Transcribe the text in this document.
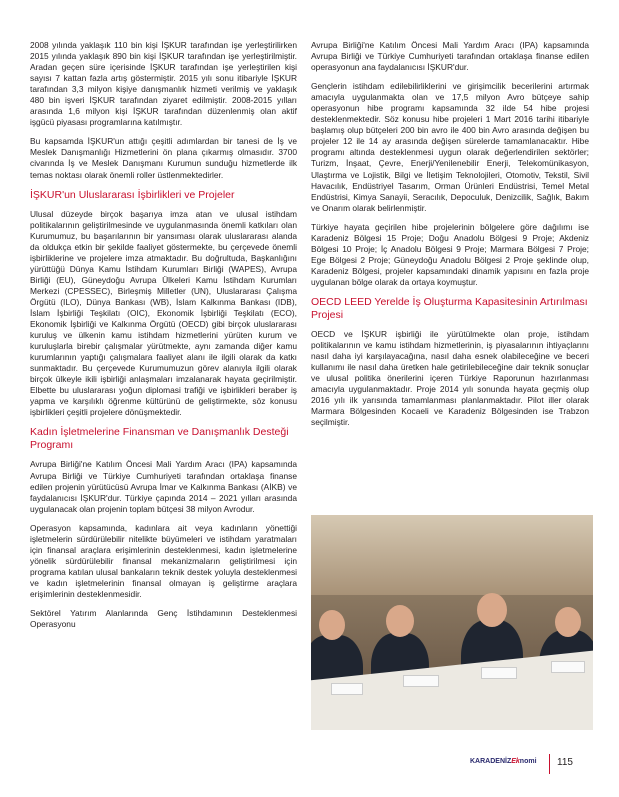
2008 yılında yaklaşık 110 bin kişi İŞKUR tarafından işe yerleştirilirken 2015 yılında yaklaşık 890 bin kişi İŞKUR tarafından işe yerleştirilmiştir. Aradan geçen süre içerisinde İŞKUR tarafından işe yerleştirilen kişi sayısı 7 kattan fazla artış göstermiştir. 2015 yılı sonu itibariyle İŞKUR tarafından 3,3 milyon kişiye danışmanlık hizmeti verilmiş ve yaklaşık 480 bin işveri İŞKUR tarafından ziyaret edilmiştir. 2008-2015 yılları arasında 1,6 milyon kişi İŞKUR tarafından düzenlenmiş olan aktif işgücü piyasası programlarına katılmıştır.

Bu kapsamda İŞKUR'un attığı çeşitli adımlardan bir tanesi de İş ve Meslek Danışmanlığı Hizmetlerini ön plana çıkarmış olmasıdır. 3700 civarında İş ve Meslek Danışmanı Kurumun sunduğu hizmetlerde ilk temas noktası olarak önemli roller üstlenmektedirler.

İŞKUR'un Uluslararası İşbirlikleri ve Projeler

Ulusal düzeyde birçok başarıya imza atan ve ulusal istihdam politikalarının geliştirilmesinde ve uygulanmasında önemli katkıları olan Kurumumuz, bu başarılarının bir yansıması olarak uluslararası alanda da oldukça etkin bir şekilde faaliyet göstermekte, bu çerçevede önemli işbirliklerine ve projelere imza atmaktadır. Bu doğrultuda, Başkanlığını yürüttüğü Dünya Kamu İstihdam Kurumları Birliği (WAPES), Avrupa Birliği (EU), Güneydoğu Avrupa Ülkeleri Kamu İstihdam Kurumları Merkezi (CPESSEC), Birleşmiş Milletler (UN), Uluslararası Çalışma Örgütü (ILO), Dünya Bankası (WB), İslam Kalkınma Bankası (IDB), İslam İşbirliği Teşkilatı (OIC), Ekonomik İşbirliği Teşkilatı (ECO), Ekonomik İşbirliği ve Kalkınma Örgütü (OECD) gibi birçok uluslararası kuruluş ve ülkenin kamu istihdam hizmetlerini yürüten kurum ve kuruluşlarla birebir çalışmalar yürütmekte, aynı zamanda diğer kamu kurumlarının yaptığı çalışmalara faaliyet alanı ile ilgili olarak da katkı sunmaktadır. Bu çerçevede Kurumumuzun görev alanıyla ilgili olarak birçok ülkeyle ikili işbirliği anlaşmaları imzalanarak hayata geçirilmiştir. Elbette bu uluslararası yoğun diplomasi trafiği ve işbirlikleri beraber iş yapma ve karşılıklı öğrenme kültürünü de geliştirmekte, söz konusu işbirlikleri çeşitli projelere dönüşmektedir.

Kadın İşletmelerine Finansman ve Danışmanlık Desteği Programı

Avrupa Birliği'ne Katılım Öncesi Mali Yardım Aracı (IPA) kapsamında Avrupa Birliği ve Türkiye Cumhuriyeti tarafından ortaklaşa finanse edilen projenin yürütücüsü Avrupa İmar ve Kalkınma Bankası (AİKB) ve faydalanıcısı İŞKUR'dur. Türkiye çapında 2014 – 2021 yılları arasında uygulanacak olan projenin toplam bütçesi 38 milyon Avrodur.

Operasyon kapsamında, kadınlara ait veya kadınların yönettiği işletmelerin sürdürülebilir nitelikte büyümeleri ve istihdam yaratmaları için finansal araçlara erişimlerinin desteklenmesi, kadın işletmelerine yönelik sürdürülebilir finansal mekanizmaların geliştirilmesi için programa katılan ulusal bankaların teknik destek yoluyla desteklenmesi ve kadın işletmelerinin finansal olmayan iş geliştirme araçlara erişimlerinin desteklenmesidir.

Sektörel Yatırım Alanlarında Genç İstihdamının Desteklenmesi Operasyonu

Avrupa Birliği'ne Katılım Öncesi Mali Yardım Aracı (IPA) kapsamında Avrupa Birliği ve Türkiye Cumhuriyeti tarafından ortaklaşa finanse edilen operasyonun ana faydalanıcısı İŞKUR'dur.

Gençlerin istihdam edilebilirliklerini ve girişimcilik becerilerini artırmak amacıyla uygulanmakta olan ve 17,5 milyon Avro bütçeye sahip operasyonun hibe programı kapsamında 32 ilde 54 hibe projesi desteklenmektedir. Söz konusu hibe projeleri 1 Mart 2016 tarihi itibariyle başlamış olup bütçeleri 200 bin avro ile 400 bin Avro arasında değişen bu projeler 12 ile 14 ay arasında değişen sürelerde tamamlanacaktır. Hibe programı altında desteklenmesi uygun olarak değerlendirilen sektörler; Turizm, İnşaat, Çevre, Enerji/Yenilenebilir Enerji, Telekomünikasyon, Ulaştırma ve Lojistik, Bilgi ve İletişim Teknolojileri, Otomotiv, Tekstil, Sivil Havacılık, Endüstriyel Tasarım, Orman Ürünleri Endüstrisi, Temel Metal Endüstrisi, Kimya Sanayii, Seracılık, Depoculuk, Denizcilik, Sağlık, Bakım ve Onarım olarak belirlenmiştir.

Türkiye hayata geçirilen hibe projelerinin bölgelere göre dağılımı ise Karadeniz Bölgesi 15 Proje; Doğu Anadolu Bölgesi 9 Proje; Akdeniz Bölgesi 10 Proje; İç Anadolu Bölgesi 9 Proje; Marmara Bölgesi 7 Proje; Ege Bölgesi 2 Proje; Güneydoğu Anadolu Bölgesi 2 Proje şeklinde olup, Karadeniz Bölgesi, projeler kapsamındaki dinamik yapısını en fazla proje uygulanan bölge olarak da ortaya koymuştur.

OECD LEED Yerelde İş Oluşturma Kapasitesinin Artırılması Projesi

OECD ve İŞKUR işbirliği ile yürütülmekte olan proje, istihdam politikalarının ve kamu istihdam hizmetlerinin, iş piyasalarının ihtiyaçlarını nasıl daha iyi karşılayacağına, nasıl daha esnek olabileceğine ve beceri kullanımı ile nasıl daha üretken hale getirilebileceğine dair teknik sonuçlar ve ulusal politika önerilerini içeren Türkiye Raporunun hazırlanması amacıyla uygulanmaktadır. Proje 2014 yılı sonunda hayata geçmiş olup 2016 yılı ilk yarısında tamamlanması planlanmaktadır. Pilot iller olarak Marmara Bölgesinden Kocaeli ve Karadeniz Bölgesinden ise Trabzon seçilmiştir.

KARADENİZEknomi 115
